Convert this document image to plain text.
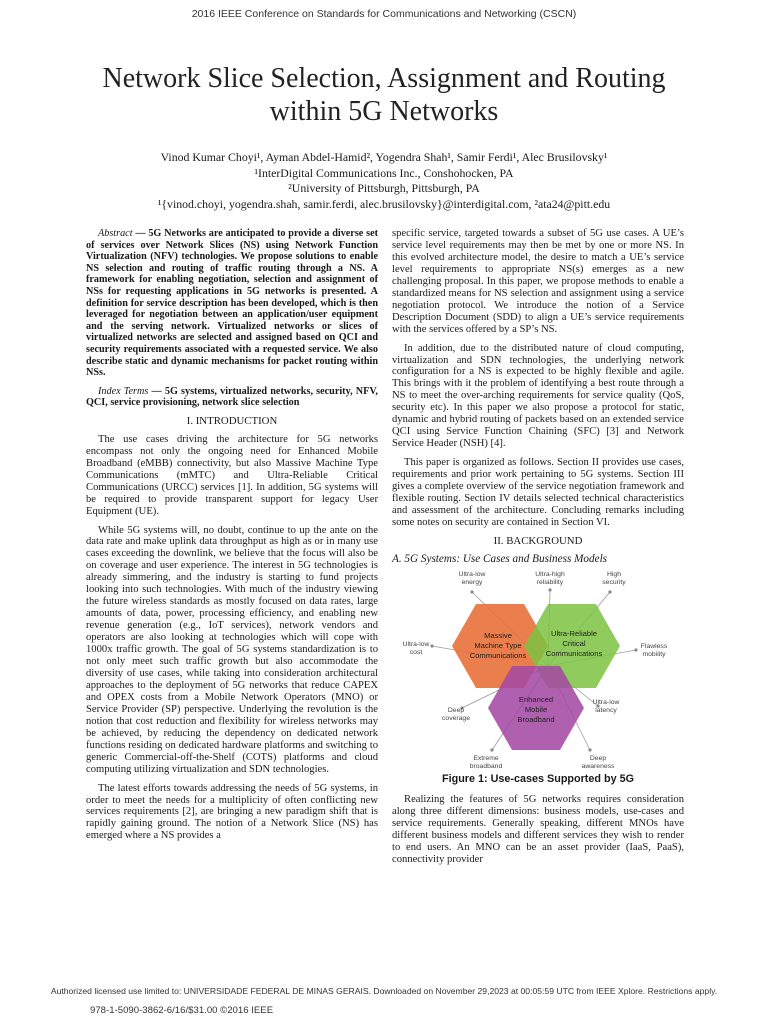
2016 IEEE Conference on Standards for Communications and Networking (CSCN)
Network Slice Selection, Assignment and Routing
within 5G Networks
Vinod Kumar Choyi¹, Ayman Abdel-Hamid², Yogendra Shah¹, Samir Ferdi¹, Alec Brusilovsky¹
¹InterDigital Communications Inc., Conshohocken, PA
²University of Pittsburgh, Pittsburgh, PA
¹{vinod.choyi, yogendra.shah, samir.ferdi, alec.brusilovsky}@interdigital.com, ²ata24@pitt.edu

Abstract — 5G Networks are anticipated to provide a diverse set of services over Network Slices (NS) using Network Function Virtualization (NFV) technologies. We propose solutions to enable NS selection and routing of traffic routing through a NS. A framework for enabling negotiation, selection and assignment of NSs for requesting applications in 5G networks is presented. A definition for service description has been developed, which is then leveraged for negotiation between an application/user equipment and the serving network. Virtualized networks or slices of virtualized networks are selected and assigned based on QCI and security requirements associated with a requested service. We also describe static and dynamic mechanisms for packet routing within NSs.

Index Terms — 5G systems, virtualized networks, security, NFV, QCI, service provisioning, network slice selection

I. INTRODUCTION

The use cases driving the architecture for 5G networks encompass not only the ongoing need for Enhanced Mobile Broadband (eMBB) connectivity, but also Massive Machine Type Communications (mMTC) and Ultra-Reliable Critical Communications (URCC) services [1]. In addition, 5G systems will be required to provide transparent support for legacy User Equipment (UE).

While 5G systems will, no doubt, continue to up the ante on the data rate and make uplink data throughput as high as or in many use cases exceeding the downlink, we believe that the focus will also be on coverage and user experience. The interest in 5G technologies is already simmering, and the industry is starting to fund projects looking into such technologies. With much of the industry viewing the future wireless standards as mostly focused on data rates, large amounts of data, power, processing efficiency, and enabling new revenue generation (e.g., IoT services), network vendors and operators are also looking at technologies which will cope with 1000x traffic growth. The goal of 5G systems standardization is to not only meet such traffic growth but also accommodate the diversity of use cases, while taking into consideration architectural approaches to the deployment of 5G networks that reduce CAPEX and OPEX costs from a Mobile Network Operators (MNO) or Service Provider (SP) perspective. Underlying the revolution is the notion that cost reduction and flexibility for wireless networks may be achieved, by reducing the dependency on dedicated network functions residing on dedicated hardware platforms and switching to generic Commercial-off-the-Shelf (COTS) platforms and cloud computing utilizing virtualization and SDN technologies.

The latest efforts towards addressing the needs of 5G systems, in order to meet the needs for a multiplicity of often conflicting new services requirements [2], are bringing a new paradigm shift that is rapidly gaining ground. The notion of a Network Slice (NS) has emerged where a NS provides a

specific service, targeted towards a subset of 5G use cases. A UE’s service level requirements may then be met by one or more NS. In this evolved architecture model, the desire to match a UE’s service level requirements to appropriate NS(s) emerges as a new challenging proposal. In this paper, we propose methods to enable a standardized means for NS selection and assignment using a service negotiation protocol. We introduce the notion of a Service Description Document (SDD) to align a UE’s service requirements with the services offered by a SP’s NS.

In addition, due to the distributed nature of cloud computing, virtualization and SDN technologies, the underlying network configuration for a NS is expected to be highly flexible and agile. This brings with it the problem of identifying a best route through a NS to meet the over-arching requirements for service quality (QoS, security etc). In this paper we also propose a protocol for static, dynamic and hybrid routing of packets based on an extended service QCI using Service Function Chaining (SFC) [3] and Network Service Header (NSH) [4].

This paper is organized as follows. Section II provides use cases, requirements and prior work pertaining to 5G systems. Section III gives a complete overview of the service negotiation framework and flexible routing. Section IV details selected technical characteristics and assessment of the architecture. Concluding remarks including some notes on security are contained in Section VI.

II. BACKGROUND
A. 5G Systems: Use Cases and Business Models
Massive
Machine Type
Communications
Ultra-Reliable
Critical
Communications
Enhanced
Mobile
Broadband
Ultra-low
energy
Ultra-high
reliability
High
security
Ultra-low
cost
Flawless
mobility
Deep
coverage
Ultra-low
latency
Extreme
broadband
Deep
awareness
Figure 1: Use-cases Supported by 5G

Realizing the features of 5G networks requires consideration along three different dimensions: business models, use-cases and service requirements. Generally speaking, different MNOs have different business models and different services they wish to render to end users. An MNO can be an asset provider (IaaS, PaaS), connectivity provider

Authorized licensed use limited to: UNIVERSIDADE FEDERAL DE MINAS GERAIS. Downloaded on November 29,2023 at 00:05:59 UTC from IEEE Xplore. Restrictions apply.
978-1-5090-3862-6/16/$31.00 ©2016 IEEE
